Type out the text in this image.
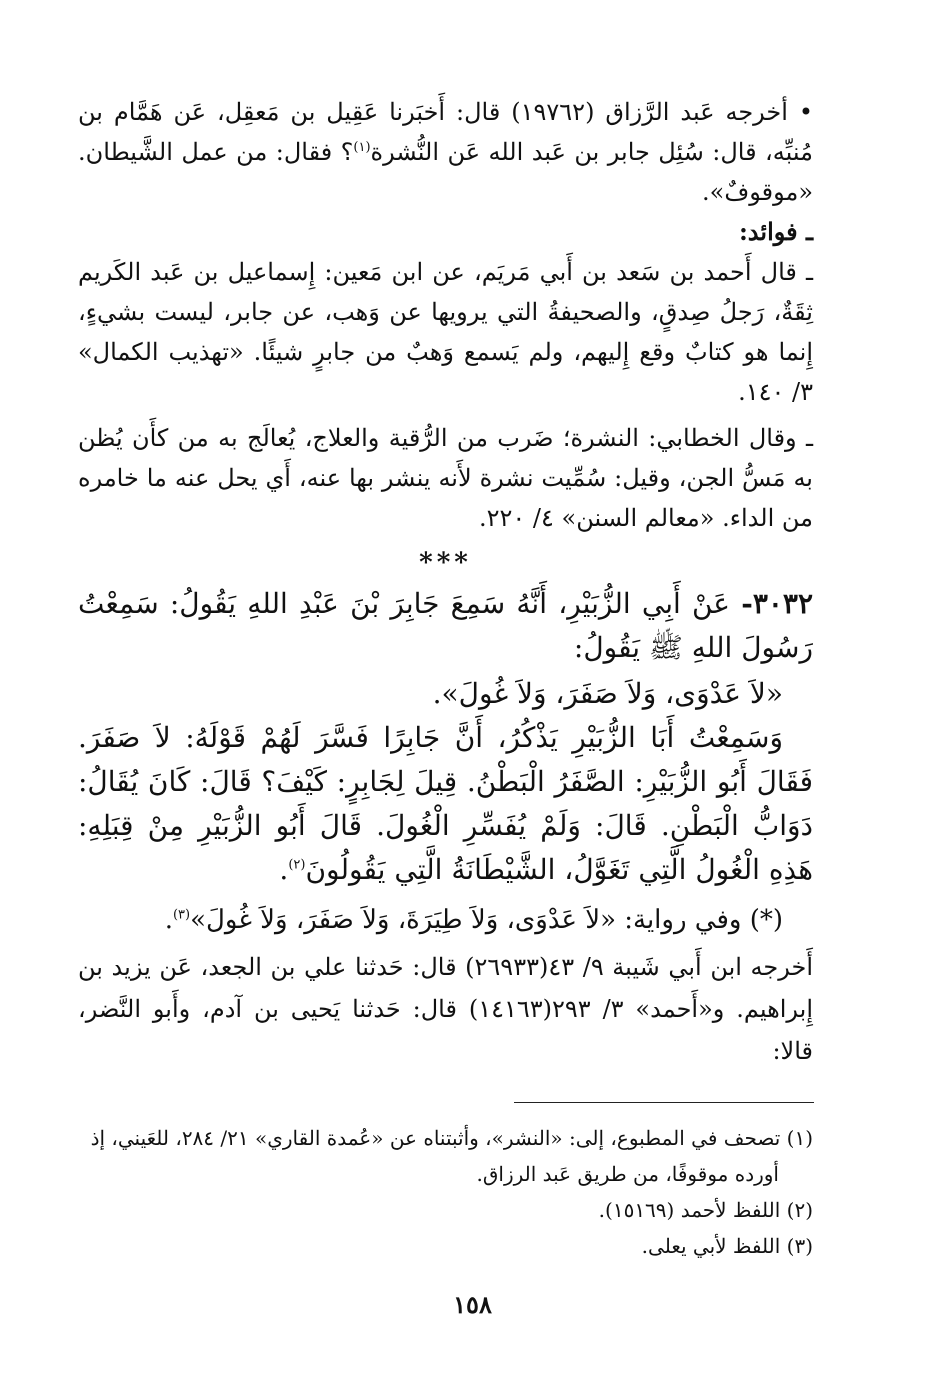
• أخرجه عَبد الرَّزاق (١٩٧٦٢) قال: أَخبَرنا عَقِيل بن مَعقِل، عَن هَمَّام بن مُنبِّه، قال: سُئِل جابر بن عَبد الله عَن النُّشرة$^{(١)}$؟ فقال: من عمل الشَّيطان. «موقوفٌ».

ـ فوائد:

ـ قال أَحمد بن سَعد بن أَبي مَريَم، عن ابن مَعين: إِسماعيل بن عَبد الكَريم ثِقَةٌ، رَجلُ صِدقٍ، والصحيفةُ التي يرويها عن وَهب، عن جابر، ليست بشيءٍ، إِنما هو كتابٌ وقع إِليهم، ولم يَسمع وَهبٌ من جابرٍ شيئًا. «تهذيب الكمال» ٣/ ١٤٠.

ـ وقال الخطابي: النشرة؛ ضَرب من الرُّقية والعلاج، يُعالَج به من كأَن يُظن به مَسُّ الجن، وقيل: سُمِّيت نشرة لأَنه ينشر بها عنه، أَي يحل عنه ما خامره من الداء. «معالم السنن» ٤/ ٢٢٠.

***

٣٠٣٢- عَنْ أَبِي الزُّبَيْرِ، أَنَّهُ سَمِعَ جَابِرَ بْنَ عَبْدِ اللهِ يَقُولُ: سَمِعْتُ رَسُولَ اللهِ ﷺ يَقُولُ:

«لاَ عَدْوَى، وَلاَ صَفَرَ، وَلاَ غُولَ».

وَسَمِعْتُ أَبَا الزُّبَيْرِ يَذْكُرُ، أَنَّ جَابِرًا فَسَّرَ لَهُمْ قَوْلَهُ: لاَ صَفَرَ. فَقَالَ أَبُو الزُّبَيْرِ: الصَّفَرُ الْبَطْنُ. قِيلَ لِجَابِرٍ: كَيْفَ؟ قَالَ: كَانَ يُقَالُ: دَوَابُّ الْبَطْنِ. قَالَ: وَلَمْ يُفَسِّرِ الْغُولَ. قَالَ أَبُو الزُّبَيْرِ مِنْ قِبَلِهِ: هَذِهِ الْغُولُ الَّتِي تَغَوَّلُ، الشَّيْطَانَةُ الَّتِي يَقُولُونَ$^{(٢)}$.

(*) وفي رواية: «لاَ عَدْوَى، وَلاَ طِيَرَةَ، وَلاَ صَفَرَ، وَلاَ غُولَ»$^{(٣)}$.

أَخرجه ابن أَبي شَيبة ٩/ ٤٣(٢٦٩٣٣) قال: حَدثنا علي بن الجعد، عَن يزيد بن إِبراهيم. و«أَحمد» ٣/ ٢٩٣(١٤١٦٣) قال: حَدثنا يَحيى بن آدم، وأَبو النَّضر، قالا:

(١) تصحف في المطبوع، إلى: «النشر»، وأثبتناه عن «عُمدة القاري» ٢١/ ٢٨٤، للعَيني، إذ

أورده موقوفًا، من طريق عَبد الرزاق.

(٢) اللفظ لأحمد (١٥١٦٩).

(٣) اللفظ لأبي يعلى.

١٥٨
